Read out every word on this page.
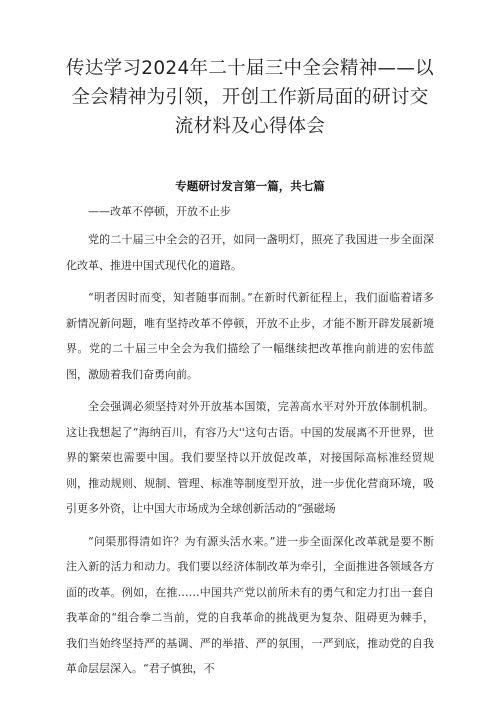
传达学习2024年二十届三中全会精神——以全会精神为引领，开创工作新局面的研讨交流材料及心得体会
专题研讨发言第一篇，共七篇
——改革不停顿，开放不止步

党的二十届三中全会的召开，如同一盏明灯，照亮了我国进一步全面深化改革、推进中国式现代化的道路。

“明者因时而变，知者随事而制。”在新时代新征程上，我们面临着诸多新情况新问题，唯有坚持改革不停顿，开放不止步，才能不断开辟发展新境界。党的二十届三中全会为我们描绘了一幅继续把改革推向前进的宏伟蓝图，激励着我们奋勇向前。

全会强调必须坚持对外开放基本国策，完善高水平对外开放体制机制。这让我想起了“海纳百川，有容乃大''这句古语。中国的发展离不开世界，世界的繁荣也需要中国。我们要坚持以开放促改革，对接国际高标准经贸规则，推动规则、规制、管理、标准等制度型开放，进一步优化营商环境，吸引更多外资，让中国大市场成为全球创新活动的“强磁场

“问渠那得清如许？为有源头活水来。”进一步全面深化改革就是要不断注入新的活力和动力。我们要以经济体制改革为牵引，全面推进各领域各方面的改革。例如，在推……中国共产党以前所未有的勇气和定力打出一套自我革命的“组合拳二当前，党的自我革命的挑战更为复杂、阻碍更为棘手，我们当始终坚持严的基调、严的举措、严的氛围，一严到底，推动党的自我革命层层深入。“君子慎独，不
